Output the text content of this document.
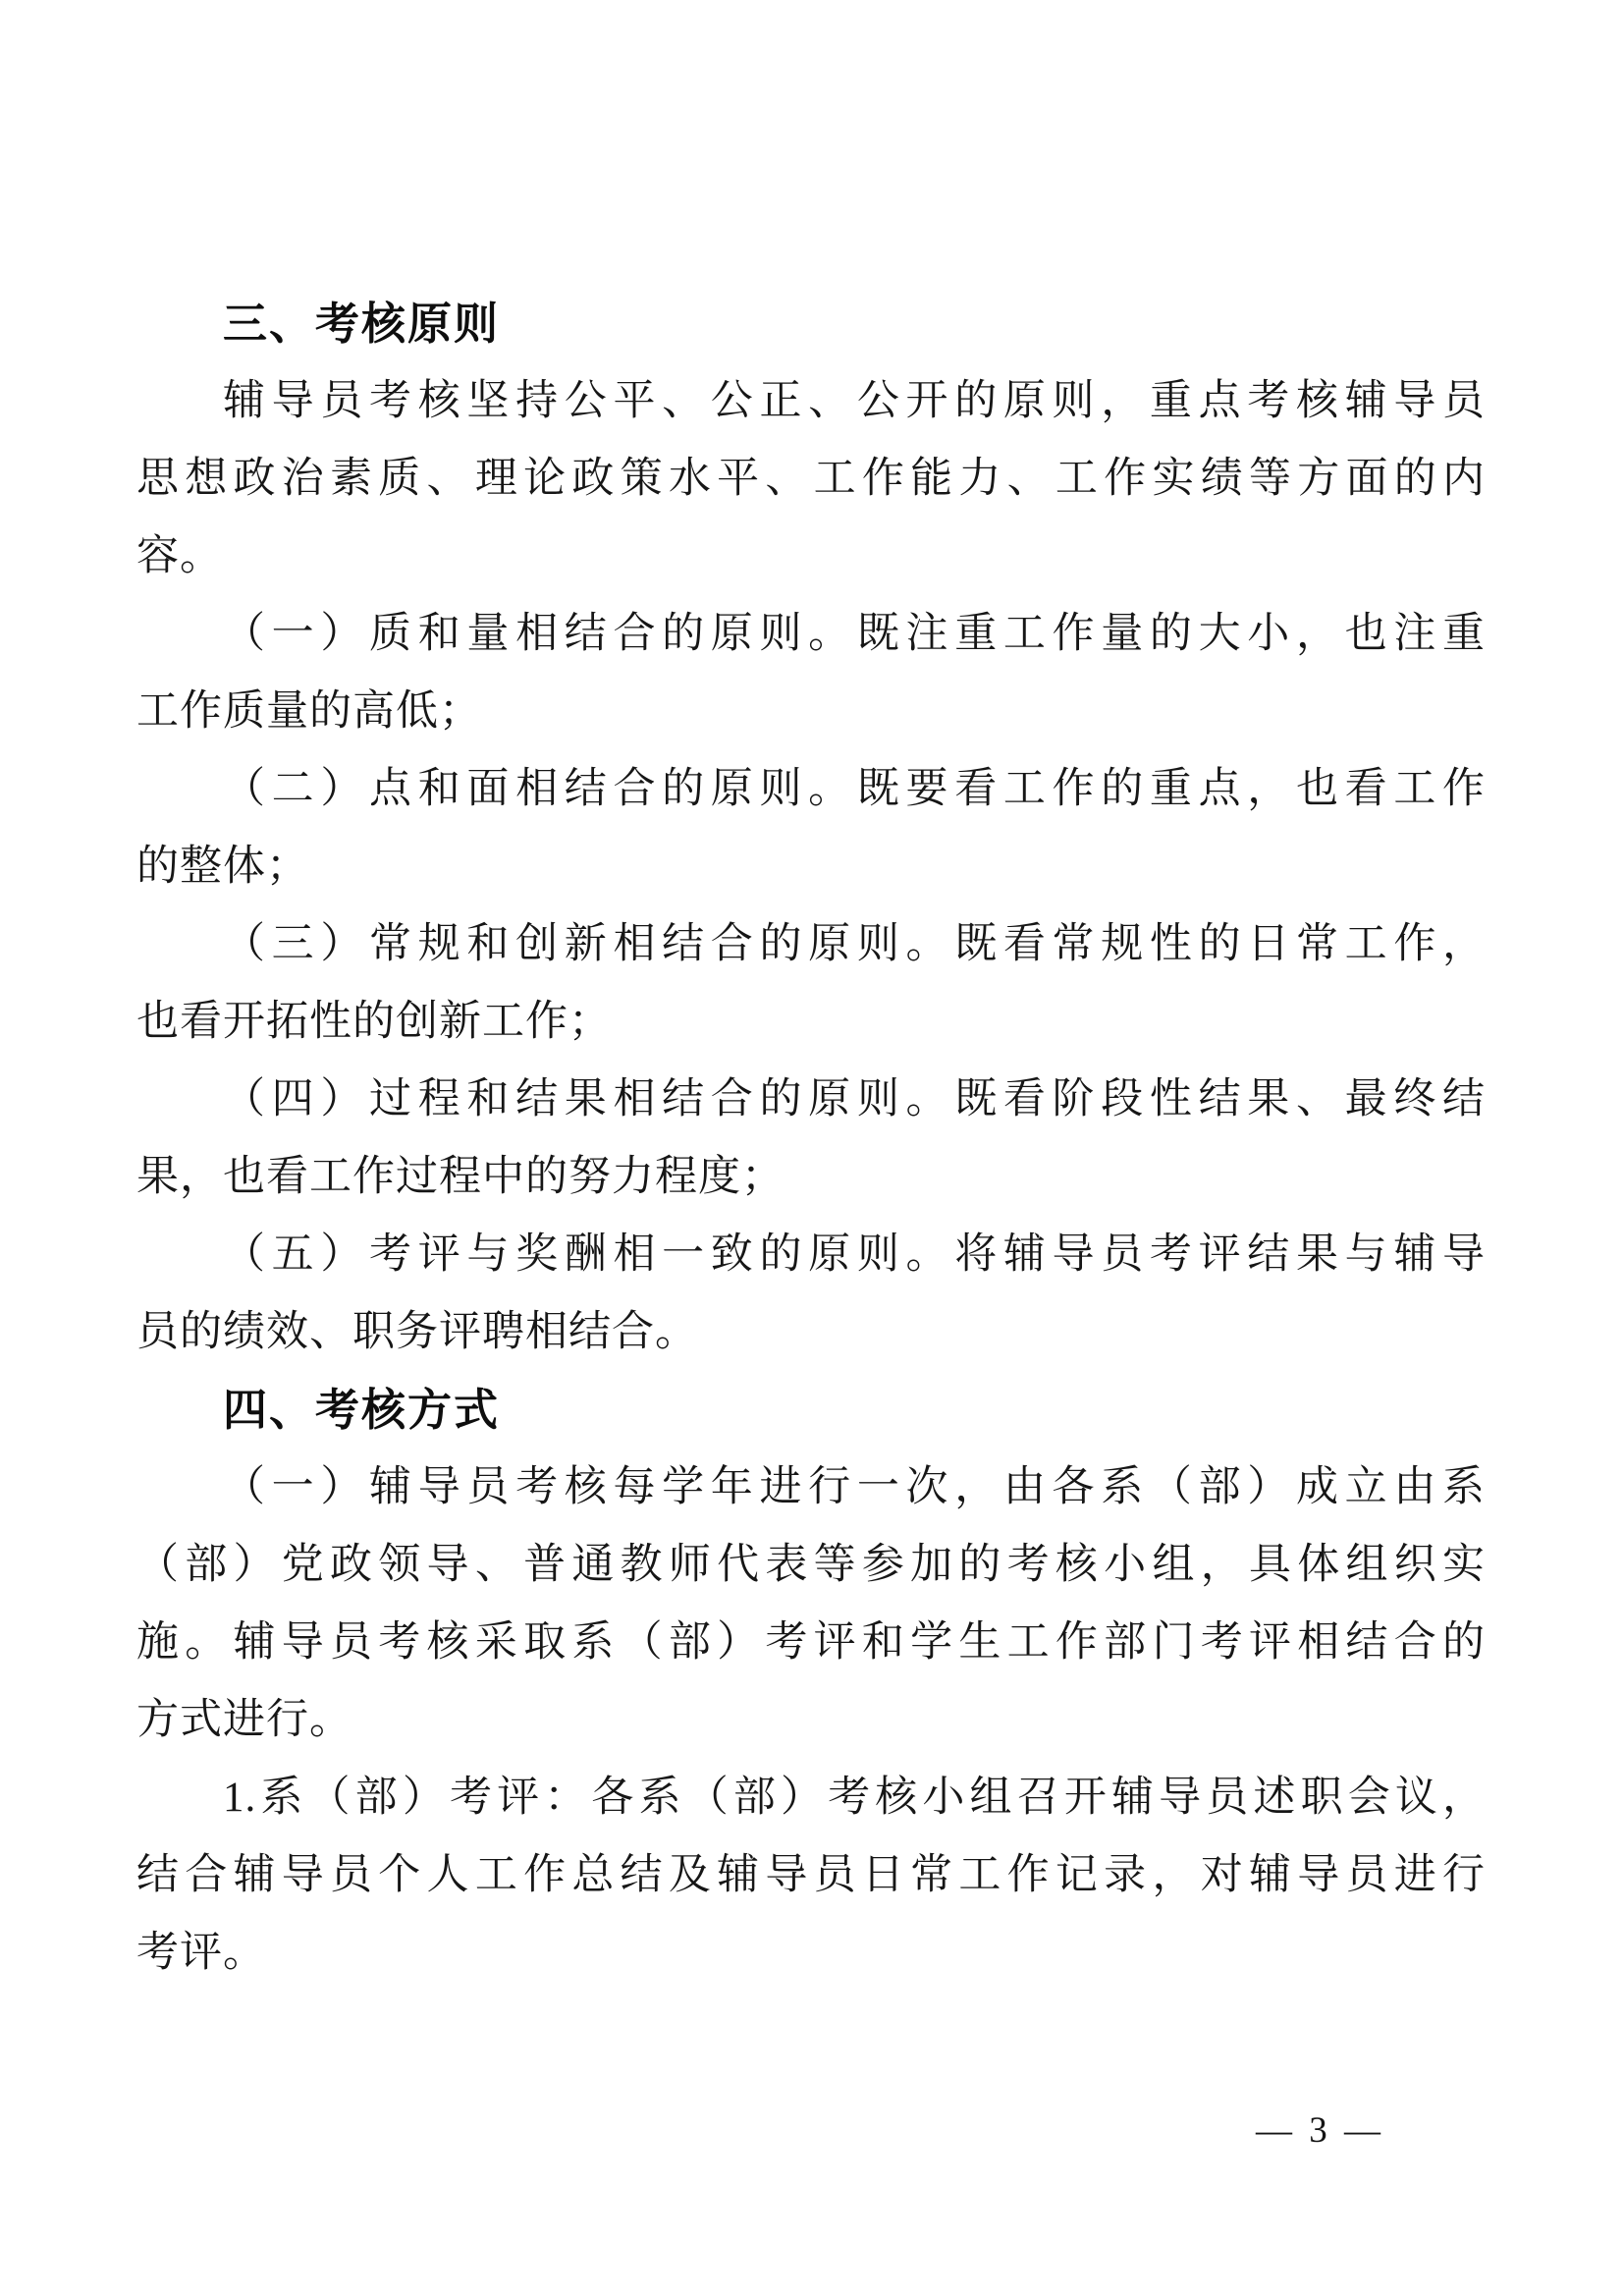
三、考核原则
辅导员考核坚持公平、公正、公开的原则，重点考核辅导员
思想政治素质、理论政策水平、工作能力、工作实绩等方面的内
容。
（一）质和量相结合的原则。既注重工作量的大小，也注重
工作质量的高低；
（二）点和面相结合的原则。既要看工作的重点，也看工作
的整体；
（三）常规和创新相结合的原则。既看常规性的日常工作，
也看开拓性的创新工作；
（四）过程和结果相结合的原则。既看阶段性结果、最终结
果，也看工作过程中的努力程度；
（五）考评与奖酬相一致的原则。将辅导员考评结果与辅导
员的绩效、职务评聘相结合。
四、考核方式
（一）辅导员考核每学年进行一次，由各系（部）成立由系
（部）党政领导、普通教师代表等参加的考核小组，具体组织实
施。辅导员考核采取系（部）考评和学生工作部门考评相结合的
方式进行。
1.系（部）考评：各系（部）考核小组召开辅导员述职会议，
结合辅导员个人工作总结及辅导员日常工作记录，对辅导员进行
考评。
— 3 —
